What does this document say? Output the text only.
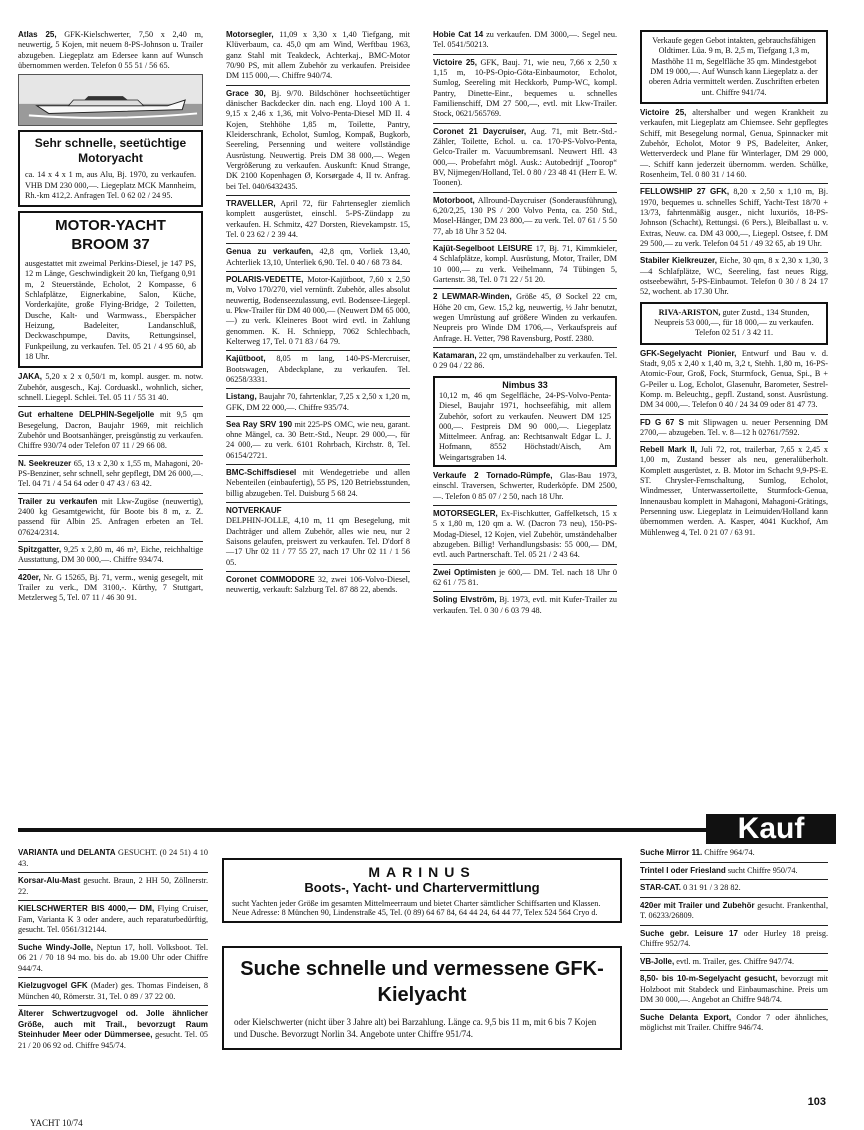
Atlas 25, GFK-Kielschwerter, 7,50 x 2,40 m, neuwertig, 5 Kojen, mit neuem 8-PS-Johnson u. Trailer abzugeben. Liegeplatz am Edersee kann auf Wunsch übernommen werden. Telefon 0 55 51 / 56 65.

Sehr schnelle, seetüchtige Motoryacht

ca. 14 x 4 x 1 m, aus Alu, Bj. 1970, zu verkaufen. VHB DM 230 000,—. Liegeplatz MCK Mannheim, Rh.-km 412,2. Anfragen Tel. 0 62 02 / 24 95.

MOTOR-YACHT BROOM 37

ausgestattet mit zweimal Perkins-Diesel, je 147 PS, 12 m Länge, Geschwindigkeit 20 kn, Tiefgang 0,91 m, 2 Steuerstände, Echolot, 2 Kompasse, 6 Schlafplätze, Eignerkabine, Salon, Küche, Vorderkajüte, große Flying-Bridge, 2 Toiletten, Dusche, Kalt- und Warmwass., Eberspächer Heizung, Badeleiter, Landanschluß, Deckwaschpumpe, Davits, Rettungsinsel, Funkpeilung, zu verkaufen. Tel. 05 21 / 4 95 60, ab 18 Uhr.

JAKA, 5,20 x 2 x 0,50/1 m, kompl. ausger. m. notw. Zubehör, ausgesch., Kaj. Corduaskl., wohnlich, sicher, schnell. Liegepl. Schlei. Tel. 05 11 / 55 31 40.

Gut erhaltene DELPHIN-Segeljolle mit 9,5 qm Besegelung, Dacron, Baujahr 1969, mit reichlich Zubehör und Bootsanhänger, preisgünstig zu verkaufen. Chiffre 930/74 oder Telefon 07 11 / 29 66 08.

N. Seekreuzer 65, 13 x 2,30 x 1,55 m, Mahagoni, 20-PS-Benziner, sehr schnell, sehr gepflegt, DM 26 000,—. Tel. 04 71 / 4 54 64 oder 0 47 43 / 63 42.

Trailer zu verkaufen mit Lkw-Zugöse (neuwertig), 2400 kg Gesamtgewicht, für Boote bis 8 m, z. Z. passend für Albin 25. Anfragen erbeten an Tel. 07624/2314.

Spitzgatter, 9,25 x 2,80 m, 46 m², Eiche, reichhaltige Ausstattung, DM 30 000,—. Chiffre 934/74.

420er, Nr. G 15265, Bj. 71, verm., wenig gesegelt, mit Trailer zu verk., DM 3100,-. Kürthy, 7 Stuttgart, Metzlerweg 5, Tel. 07 11 / 46 30 91.

Motorsegler, 11,09 x 3,30 x 1,40 Tiefgang, mit Klüverbaum, ca. 45,0 qm am Wind, Werftbau 1963, ganz Stahl mit Teakdeck, Achterkaj., BMC-Motor 70/90 PS, mit allem Zubehör zu verkaufen. Preisidee DM 115 000,—. Chiffre 940/74.

Grace 30, Bj. 9/70. Bildschöner hochseetüchtiger dänischer Backdecker din. nach eng. Lloyd 100 A 1. 9,15 x 2,46 x 1,36, mit Volvo-Penta-Diesel MD II. 4 Kojen, Stehhöhe 1,85 m, Toilette, Pantry, Kleiderschrank, Echolot, Sumlog, Kompaß, Bugkorb, Seereling, Persenning und weitere vollständige Ausrüstung. Neuwertig. Preis DM 38 000,—. Wegen Vergrößerung zu verkaufen. Auskunft: Knud Strange, DK 2100 Kopenhagen Ø, Korsørgade 4, II tv. Anfrag. bei Tel. 040/6432435.

TRAVELLER, April 72, für Fahrtensegler ziemlich komplett ausgerüstet, einschl. 5-PS-Zündapp zu verkaufen. H. Schmitz, 427 Dorsten, Rievekampstr. 15, Tel. 0 23 62 / 2 39 44.

Genua zu verkaufen, 42,8 qm, Vorliek 13,40, Achterliek 13,10, Unterliek 6,90. Tel. 0 40 / 68 73 84.

POLARIS-VEDETTE, Motor-Kajütboot, 7,60 x 2,50 m, Volvo 170/270, viel vernünft. Zubehör, alles absolut neuwertig, Bodenseezulassung, evtl. Bodensee-Liegepl. u. Pkw-Trailer für DM 40 000,— (Neuwert DM 65 000,—) zu verk. Kleineres Boot wird evtl. in Zahlung genommen. K. H. Schniepp, 7062 Schlechbach, Kelterweg 17, Tel. 0 71 83 / 64 79.

Kajütboot, 8,05 m lang, 140-PS-Mercruiser, Bootswagen, Abdeckplane, zu verkaufen. Tel. 06258/3331.

Listang, Baujahr 70, fahrtenklar, 7,25 x 2,50 x 1,20 m, GFK, DM 22 000,—. Chiffre 935/74.

Sea Ray SRV 190 mit 225-PS OMC, wie neu, garant. ohne Mängel, ca. 30 Betr.-Std., Neupr. 29 000,—, für 24 000,— zu verk. 6101 Rohrbach, Kirchstr. 8, Tel. 06154/2721.

BMC-Schiffsdiesel mit Wendegetriebe und allen Nebenteilen (einbaufertig), 55 PS, 120 Betriebsstunden, billig abzugeben. Tel. Duisburg 5 68 24.

NOTVERKAUF

DELPHIN-JOLLE, 4,10 m, 11 qm Besegelung, mit Dachträger und allem Zubehör, alles wie neu, nur 2 Saisons gelaufen, preiswert zu verkaufen. Tel. D'dorf 8—17 Uhr 02 11 / 77 55 27, nach 17 Uhr 02 11 / 1 56 05.

Coronet COMMODORE 32, zwei 106-Volvo-Diesel, neuwertig, verkauft: Salzburg Tel. 87 88 22, abends.

Hobie Cat 14 zu verkaufen. DM 3000,—. Segel neu. Tel. 0541/50213.

Victoire 25, GFK, Bauj. 71, wie neu, 7,66 x 2,50 x 1,15 m, 10-PS-Opio-Göta-Einbaumotor, Echolot, Sumlog, Seereling mit Heckkorb, Pump-WC, kompl. Pantry, Dinette-Einr., bequemes u. schnelles Familienschiff, DM 27 500,—, evtl. mit Lkw-Trailer. Stock, 0621/565769.

Coronet 21 Daycruiser, Aug. 71, mit Betr.-Std.-Zähler, Toilette, Echol. u. ca. 170-PS-Volvo-Penta, Gelco-Trailer m. Vacuumbremsanl. Neuwert Hfl. 43 000,—. Probefahrt mögl. Ausk.: Autobedrijf „Toorop“ BV, Nijmegen/Holland, Tel. 0 80 / 23 48 41 (Herr E. W. Toonen).

Motorboot, Allround-Daycruiser (Sonderausführung), 6,20/2,25, 130 PS / 200 Volvo Penta, ca. 250 Std., Mosel-Hänger, DM 23 800,— zu verk. Tel. 07 61 / 5 50 77, ab 18 Uhr 3 52 04.

Kajüt-Segelboot LEISURE 17, Bj. 71, Kimmkieler, 4 Schlafplätze, kompl. Ausrüstung, Motor, Trailer, DM 10 000,— zu verk. Veihelmann, 74 Tübingen 5, Gartenstr. 38, Tel. 0 71 22 / 51 20.

2 LEWMAR-Winden, Größe 45, Ø Sockel 22 cm, Höhe 20 cm, Gew. 15,2 kg, neuwertig, ½ Jahr benutzt, wegen Umrüstung auf größere Winden zu verkaufen. Neupreis pro Winde DM 1706,—, Verkaufspreis auf Anfrage. H. Vetter, 798 Ravensburg, Postf. 2380.

Katamaran, 22 qm, umständehalber zu verkaufen. Tel. 0 29 04 / 22 86.

Nimbus 33

10,12 m, 46 qm Segelfläche, 24-PS-Volvo-Penta-Diesel, Baujahr 1971, hochseefähig, mit allem Zubehör, sofort zu verkaufen. Neuwert DM 125 000,—. Festpreis DM 90 000,—. Liegeplatz Mittelmeer. Anfrag. an: Rechtsanwalt Edgar L. J. Hofmann, 8552 Höchstadt/Aisch, Am Weingartsgraben 14.

Verkaufe 2 Tornado-Rümpfe, Glas-Bau 1973, einschl. Traversen, Schwerter, Ruderköpfe. DM 2500,—. Telefon 0 85 07 / 2 50, nach 18 Uhr.

MOTORSEGLER, Ex-Fischkutter, Gaffelketsch, 15 x 5 x 1,80 m, 120 qm a. W. (Dacron 73 neu), 150-PS-Modag-Diesel, 12 Kojen, viel Zubehör, umständehalber abzugeben. Billig! Verhandlungsbasis: 55 000,— DM, evtl. auch Partnerschaft. Tel. 05 21 / 2 43 64.

Zwei Optimisten je 600,— DM. Tel. nach 18 Uhr 0 62 61 / 75 81.

Soling Elvström, Bj. 1973, evtl. mit Kufer-Trailer zu verkaufen. Tel. 0 30 / 6 03 79 48.

Verkaufe gegen Gebot intakten, gebrauchsfähigen Oldtimer. Lüa. 9 m, B. 2,5 m, Tiefgang 1,3 m, Masthöhe 11 m, Segelfläche 35 qm. Mindestgebot DM 19 000,—. Auf Wunsch kann Liegeplatz a. der oberen Adria vermittelt werden. Zuschriften erbeten unt. Chiffre 941/74.

Victoire 25, altershalber und wegen Krankheit zu verkaufen, mit Liegeplatz am Chiemsee. Sehr gepflegtes Schiff, mit Besegelung normal, Genua, Spinnacker mit Zubehör, Echolot, Motor 9 PS, Badeleiter, Anker, Wetterverdeck und Plane für Winterlager, DM 29 000,—. Schiff kann jederzeit übernomm. werden. Schülke, Rosenheim, Tel. 0 80 31 / 14 60.

FELLOWSHIP 27 GFK, 8,20 x 2,50 x 1,10 m, Bj. 1970, bequemes u. schnelles Schiff, Yacht-Test 18/70 + 13/73, fahrtenmäßig ausger., nicht luxuriös, 18-PS-Johnson (Schacht), Rettungsi. (6 Pers.), Bleiballast u. v. Extras, Neuw. ca. DM 43 000,—, Liegepl. Ostsee, f. DM 29 500,— zu verk. Telefon 04 51 / 49 32 65, ab 19 Uhr.

Stabiler Kielkreuzer, Eiche, 30 qm, 8 x 2,30 x 1,30, 3—4 Schlafplätze, WC, Seereling, fast neues Rigg, ostseebewährt, 5-PS-Einbaumot. Telefon 0 30 / 8 24 17 52, wochent. ab 17.30 Uhr.

RIVA-ARISTON, guter Zustd., 134 Stunden, Neupreis 53 000,—, für 18 000,— zu verkaufen. Telefon 02 51 / 3 42 11.

GFK-Segelyacht Pionier, Entwurf und Bau v. d. Stadt, 9,05 x 2,40 x 1,40 m, 3,2 t, Stehh. 1,80 m, 16-PS-Atomic-Four, Groß, Fock, Sturmfock, Genua, Spi., B + G-Peiler u. Log, Echolot, Glasenuhr, Barometer, Sestrel-Komp. m. Beleuchtg., gepfl. Zustand, sonst. Ausrüstung. DM 34 000,—. Telefon 0 40 / 24 34 09 oder 81 47 73.

FD G 67 S mit Slipwagen u. neuer Persenning DM 2700,— abzugeben. Tel. v. 8—12 h 02761/7592.

Rebell Mark II, Juli 72, rot, trailerbar, 7,65 x 2,45 x 1,00 m, Zustand besser als neu, generalüberholt. Komplett ausgerüstet, z. B. Motor im Schacht 9,9-PS-E. ST. Chrysler-Fernschaltung, Sumlog, Echolot, Windmesser, Unterwassertoilette, Sturmfock-Genua, Innenausbau komplett in Mahagoni, Mahagoni-Grätings, Persenning usw. Liegeplatz in Leimuiden/Holland kann übernommen werden. A. Kasper, 4041 Kuckhof, Am Mühlenweg 4, Tel. 0 21 07 / 63 91.

Kauf

VARIANTA und DELANTA GESUCHT. (0 24 51) 4 10 43.

Korsar-Alu-Mast gesucht. Braun, 2 HH 50, Zöllnerstr. 22.

KIELSCHWERTER BIS 4000,— DM, Flying Cruiser, Fam, Varianta K 3 oder andere, auch reparaturbedürftig, gesucht. Tel. 0561/312144.

Suche Windy-Jolle, Neptun 17, holl. Volksboot. Tel. 06 21 / 70 18 94 mo. bis do. ab 19.00 Uhr oder Chiffre 944/74.

Kielzugvogel GFK (Mader) ges. Thomas Findeisen, 8 München 40, Römerstr. 31, Tel. 0 89 / 37 22 00.

Älterer Schwertzugvogel od. Jolle ähnlicher Größe, auch mit Trail., bevorzugt Raum Steinhuder Meer oder Dümmersee, gesucht. Tel. 05 21 / 20 06 92 od. Chiffre 945/74.

MARINUS
Boots-, Yacht- und Chartervermittlung

sucht Yachten jeder Größe im gesamten Mittelmeerraum und bietet Charter sämtlicher Schiffsarten und Klassen. Neue Adresse: 8 München 90, Lindenstraße 45, Tel. (0 89) 64 67 84, 64 44 24, 64 44 77, Telex 524 564 Cryo d.

Suche schnelle und vermessene GFK-Kielyacht

oder Kielschwerter (nicht über 3 Jahre alt) bei Barzahlung. Länge ca. 9,5 bis 11 m, mit 6 bis 7 Kojen und Dusche. Bevorzugt Norlin 34. Angebote unter Chiffre 951/74.

Suche Mirror 11. Chiffre 964/74.

Trintel I oder Friesland sucht Chiffre 950/74.

STAR-CAT. 0 31 91 / 3 28 82.

420er mit Trailer und Zubehör gesucht. Frankenthal, T. 06233/26809.

Suche gebr. Leisure 17 oder Hurley 18 preisg. Chiffre 952/74.

VB-Jolle, evtl. m. Trailer, ges. Chiffre 947/74.

8,50- bis 10-m-Segelyacht gesucht, bevorzugt mit Holzboot mit Stabdeck und Einbaumaschine. Preis um DM 30 000,—. Angebot an Chiffre 948/74.

Suche Delanta Export, Condor 7 oder ähnliches, möglichst mit Trailer. Chiffre 946/74.

103
YACHT 10/74
